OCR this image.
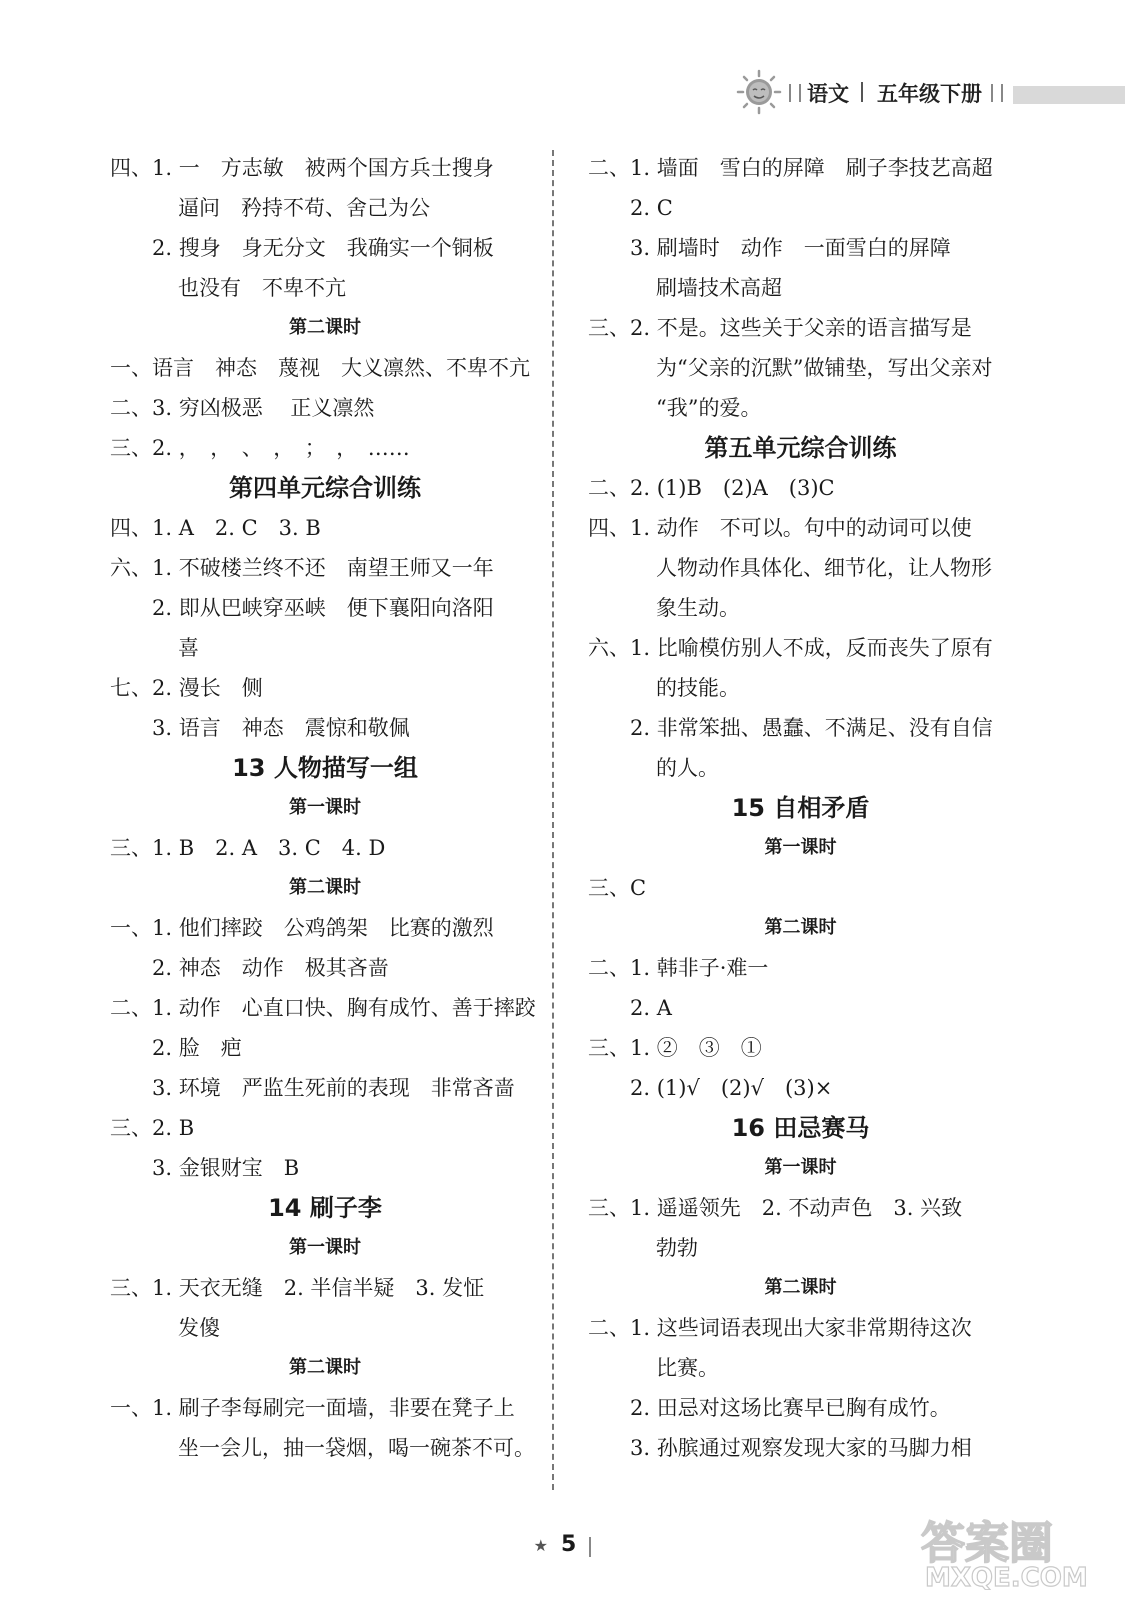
语文 五年级下册
四、1. 一　方志敏　被两个国方兵士搜身
逼问　矜持不苟、舍己为公
2. 搜身　身无分文　我确实一个铜板
也没有　不卑不亢
第二课时
一、语言　神态　蔑视　大义凛然、不卑不亢
二、3. 穷凶极恶　 正义凛然
三、2. ，　，　、　，　；　，　……
第四单元综合训练
四、1. A　2. C　3. B
六、1. 不破楼兰终不还　南望王师又一年
2. 即从巴峡穿巫峡　便下襄阳向洛阳
喜
七、2. 漫长　侧
3. 语言　神态　震惊和敬佩
13 人物描写一组
第一课时
三、1. B　2. A　3. C　4. D
第二课时
一、1. 他们摔跤　公鸡鸽架　比赛的激烈
2. 神态　动作　极其吝啬
二、1. 动作　心直口快、胸有成竹、善于摔跤
2. 脸　疤
3. 环境　严监生死前的表现　非常吝啬
三、2. B
3. 金银财宝　B
14 刷子李
第一课时
三、1. 天衣无缝　2. 半信半疑　3. 发怔
发傻
第二课时
一、1. 刷子李每刷完一面墙，非要在凳子上
坐一会儿，抽一袋烟，喝一碗茶不可。
二、1. 墙面　雪白的屏障　刷子李技艺高超
2. C
3. 刷墙时　动作　一面雪白的屏障
刷墙技术高超
三、2. 不是。这些关于父亲的语言描写是
为“父亲的沉默”做铺垫，写出父亲对
“我”的爱。
第五单元综合训练
二、2. (1)B　(2)A　(3)C
四、1. 动作　不可以。句中的动词可以使
人物动作具体化、细节化，让人物形
象生动。
六、1. 比喻模仿别人不成，反而丧失了原有
的技能。
2. 非常笨拙、愚蠢、不满足、没有自信
的人。
15 自相矛盾
第一课时
三、C
第二课时
二、1. 韩非子·难一
2. A
三、1. ②　③　①
2. (1)√　(2)√　(3)×
16 田忌赛马
第一课时
三、1. 遥遥领先　2. 不动声色　3. 兴致
勃勃
第二课时
二、1. 这些词语表现出大家非常期待这次
比赛。
2. 田忌对这场比赛早已胸有成竹。
3. 孙膑通过观察发现大家的马脚力相
★ 5	答案圈
MXQE.COM
